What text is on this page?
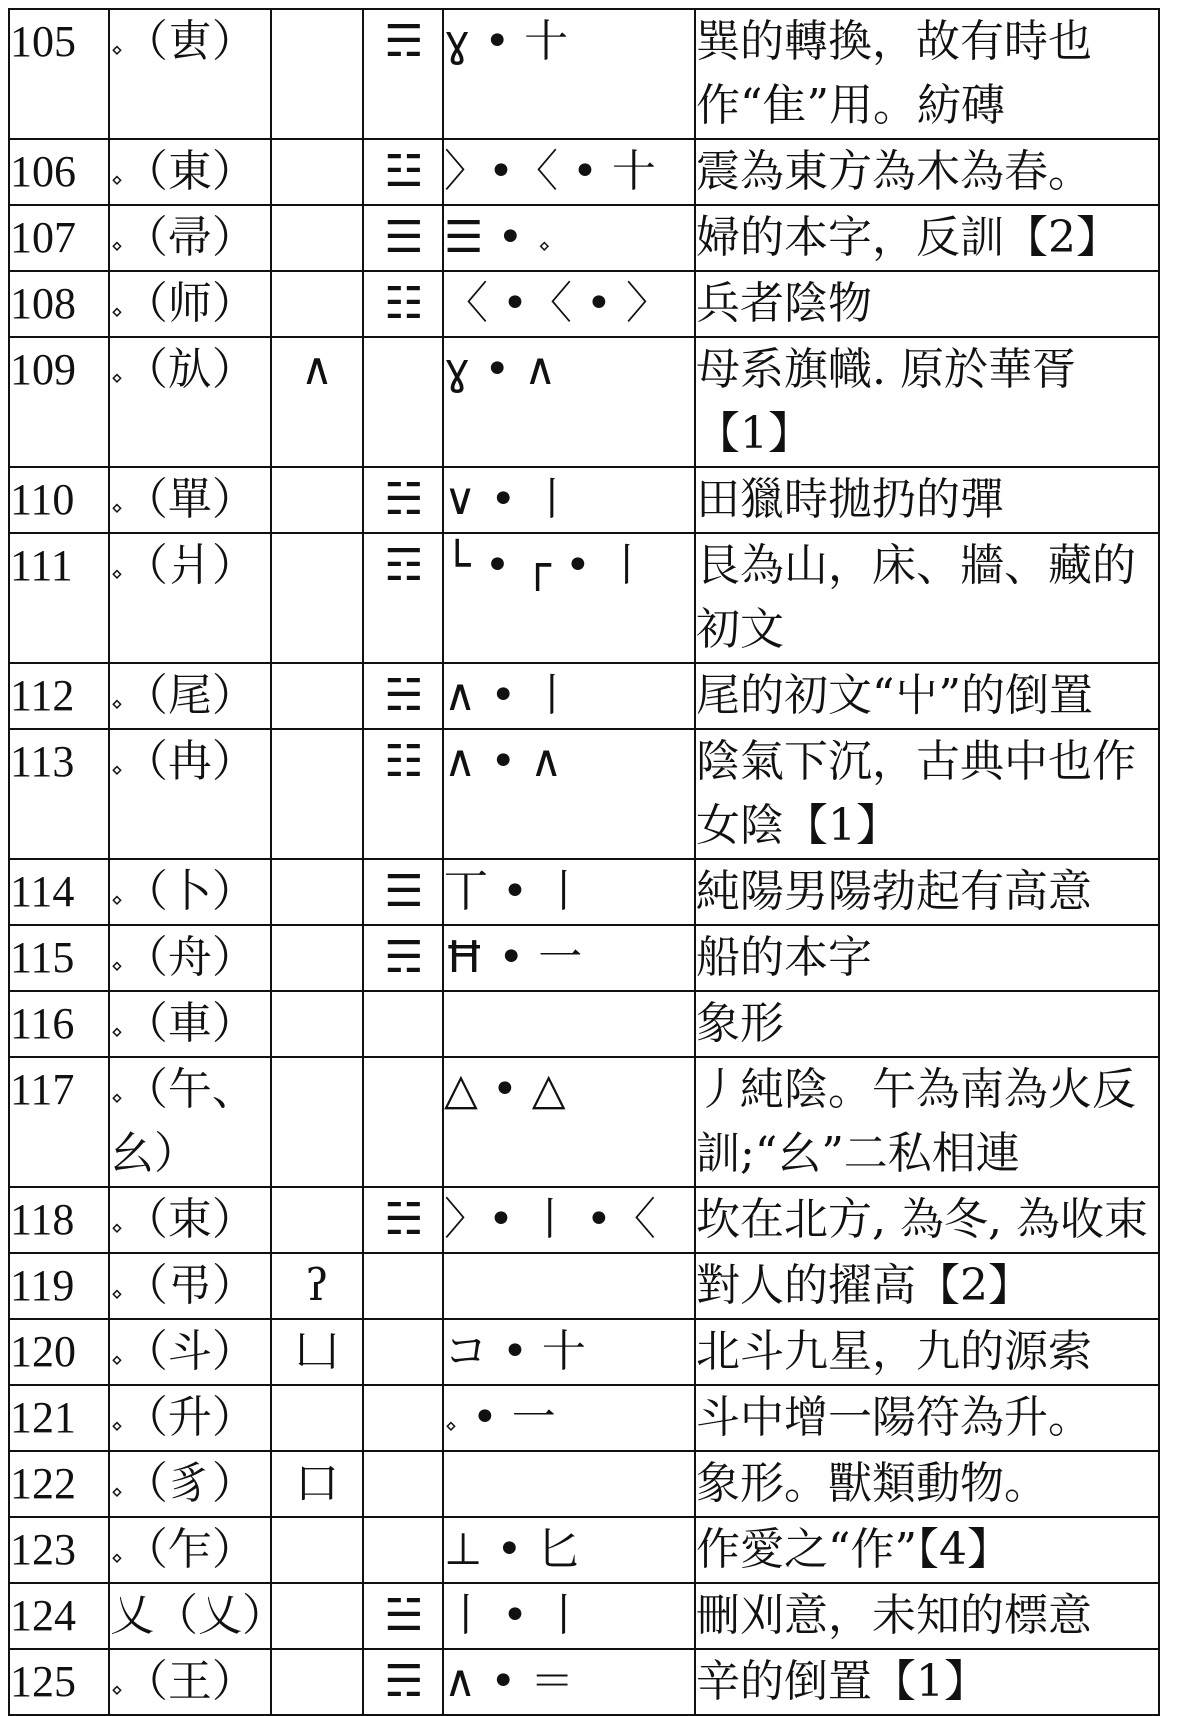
105	𝆹（叀）		☴	ɣ • 十	巽的轉換，故有時也作“隹”用。紡磚
106	𝆹（東）		☳	〉•〈 • 十	震為東方為木為春。
107	𝆹（帚）		☰	☰ • 𝆹	婦的本字，反訓【2】
108	𝆹（师）		☷	〈 •〈 • 〉	兵者陰物
109	𝆹（㫃）	∧		ɣ • ∧	母系旗幟. 原於華胥【1】
110	𝆹（單）		☵	∨ • 丨	田獵時拋扔的彈
111	𝆹（爿）		☶	└ • ┌ • 丨	艮為山，床、牆、藏的初文
112	𝆹（尾）		☵	∧ • 丨	尾的初文“屮”的倒置
113	𝆹（冉）		☷	∧ • ∧	陰氣下沉，古典中也作女陰【1】
114	𝆹（卜）		☰	丅 • 丨	純陽男陽勃起有高意
115	𝆹（舟）		☴	Ħ • 一	船的本字
116	𝆹（車）				象形
117	𝆹（午、幺）			△ • △	丿純陰。午為南為火反訓;“幺”二私相連
118	𝆹（束）		☵	〉• 丨 •〈	坎在北方, 為冬, 為收束
119	𝆹（弔）	ʔ			對人的擢高【2】
120	𝆹（斗）	凵		コ • 十	北斗九星，九的源索
121	𝆹（升）			𝆹 • 一	斗中增一陽符為升。
122	𝆹（豸）	口			象形。獸類動物。
123	𝆹（乍）			⊥ • 匕	作愛之“作”【4】
124	乂（乂）		☱	丨 • 丨	刪刈意，未知的標意
125	𝆹（王）		☴	∧ • ＝	辛的倒置【1】
